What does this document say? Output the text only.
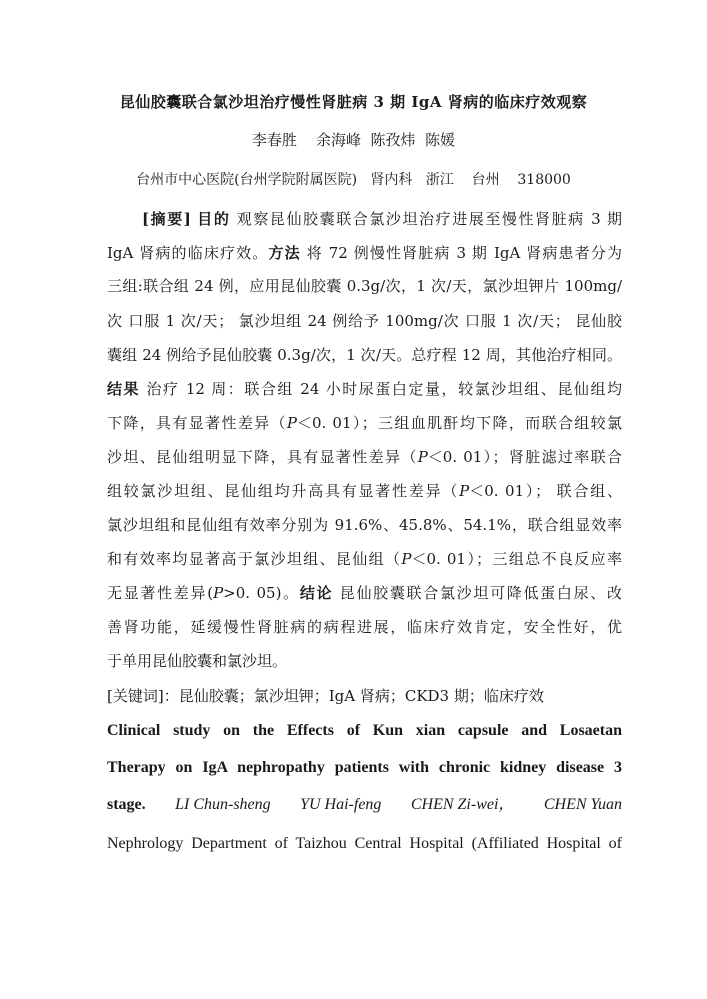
昆仙胶囊联合氯沙坦治疗慢性肾脏病 3 期 IgA 肾病的临床疗效观察
李春胜    余海峰  陈孜炜  陈媛
台州市中心医院(台州学院附属医院)   肾内科   浙江    台州    318000
[摘要] 目的 观察昆仙胶囊联合氯沙坦治疗进展至慢性肾脏病 3 期
IgA 肾病的临床疗效。方法 将 72 例慢性肾脏病 3 期 IgA 肾病患者分为
三组:联合组 24 例，应用昆仙胶囊 0.3g/次，1 次/天，氯沙坦钾片 100mg/
次 口服 1 次/天； 氯沙坦组 24 例给予 100mg/次 口服 1 次/天； 昆仙胶
囊组 24 例给予昆仙胶囊 0.3g/次，1 次/天。总疗程 12 周，其他治疗相同。
结果 治疗 12 周：联合组 24 小时尿蛋白定量，较氯沙坦组、昆仙组均
下降，具有显著性差异（P＜0. 01）；三组血肌酐均下降，而联合组较氯
沙坦、昆仙组明显下降，具有显著性差异（P＜0. 01）；肾脏滤过率联合
组较氯沙坦组、昆仙组均升高具有显著性差异（P＜0. 01）； 联合组、
氯沙坦组和昆仙组有效率分别为 91.6%、45.8%、54.1%，联合组显效率
和有效率均显著高于氯沙坦组、昆仙组（P＜0. 01）；三组总不良反应率
无显著性差异(P>0. 05)。结论 昆仙胶囊联合氯沙坦可降低蛋白尿、改
善肾功能，延缓慢性肾脏病的病程进展，临床疗效肯定，安全性好，优
于单用昆仙胶囊和氯沙坦。
[关键词]：昆仙胶囊；氯沙坦钾；IgA 肾病；CKD3 期；临床疗效
Clinical study on the Effects of Kun xian capsule and Losaetan
Therapy on IgA nephropathy patients with chronic kidney disease 3
stage. LI Chun-sheng YU Hai-feng CHEN Zi-wei， CHEN Yuan
Nephrology Department of Taizhou Central Hospital (Affiliated Hospital of
